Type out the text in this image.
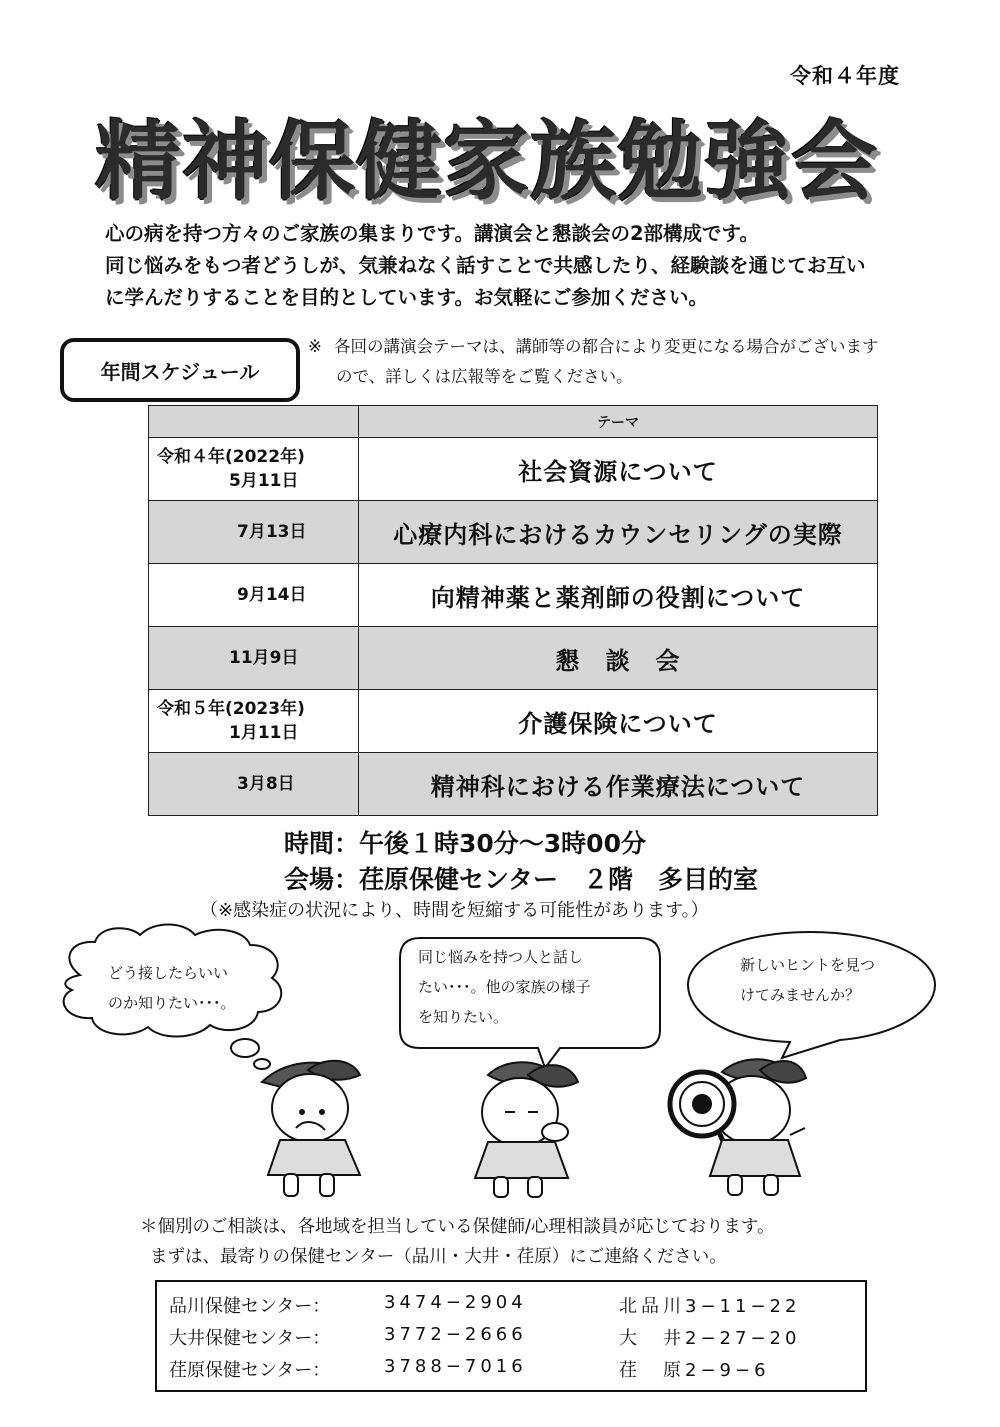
令和４年度
精神保健家族勉強会
心の病を持つ方々のご家族の集まりです。講演会と懇談会の2部構成です。
同じ悩みをもつ者どうしが、気兼ねなく話すことで共感したり、経験談を通じてお互い
に学んだりすることを目的としています。お気軽にご参加ください。
年間スケジュール
※ 各回の講演会テーマは、講師等の都合により変更になる場合がございます
ので、詳しくは広報等をご覧ください。
	テーマ

令和４年(2022年)
5月11日	社会資源について
7月13日	心療内科におけるカウンセリングの実際
9月14日	向精神薬と薬剤師の役割について
11月9日	懇　談　会

令和５年(2023年)
1月11日	介護保険について
3月8日	精神科における作業療法について
時間：午後１時30分～3時00分
会場：荏原保健センター　２階　多目的室
（※感染症の状況により、時間を短縮する可能性があります。）
どう接したらいい
のか知りたい･･･。
同じ悩みを持つ人と話し
たい･･･。他の家族の様子
を知りたい。
新しいヒントを見つ
けてみませんか？
＊個別のご相談は、各地域を担当している保健師/心理相談員が応じております。
まずは、最寄りの保健センター（品川・大井・荏原）にご連絡ください。
品川保健センター：	3474−2904	北品川3−11−22
大井保健センター：	3772−2666	大　井2−27−20
荏原保健センター：	3788−7016	荏　原2−9−6
